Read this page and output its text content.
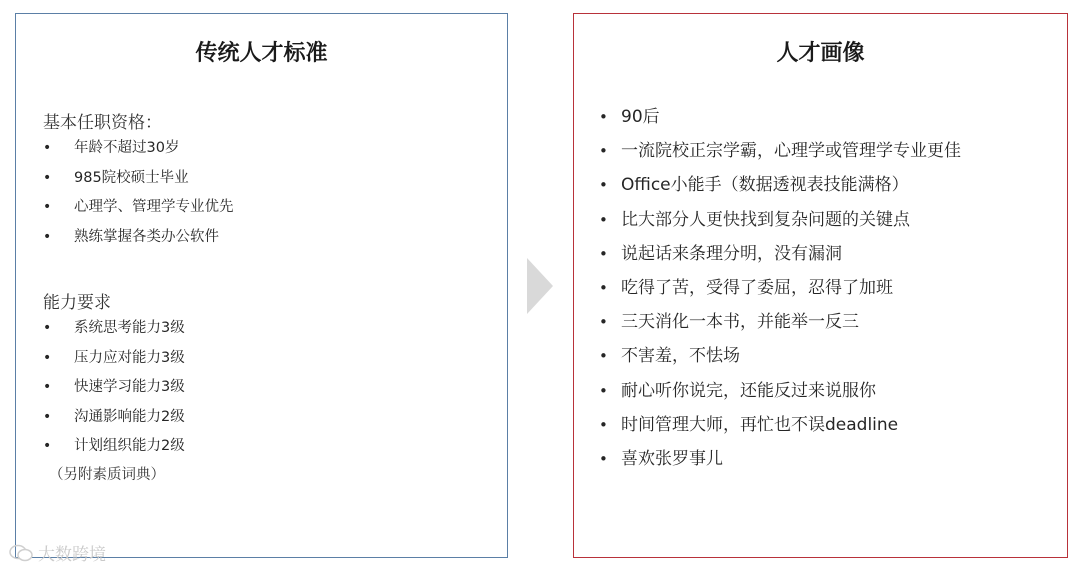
传统人才标准
基本任职资格：
• 年龄不超过30岁
• 985院校硕士毕业
• 心理学、管理学专业优先
• 熟练掌握各类办公软件
能力要求
• 系统思考能力3级
• 压力应对能力3级
• 快速学习能力3级
• 沟通影响能力2级
• 计划组织能力2级
（另附素质词典）
人才画像
• 90后
• 一流院校正宗学霸，心理学或管理学专业更佳
• Office小能手（数据透视表技能满格）
• 比大部分人更快找到复杂问题的关键点
• 说起话来条理分明，没有漏洞
• 吃得了苦，受得了委屈，忍得了加班
• 三天消化一本书，并能举一反三
• 不害羞，不怯场
• 耐心听你说完，还能反过来说服你
• 时间管理大师，再忙也不误deadline
• 喜欢张罗事儿
大数跨境
